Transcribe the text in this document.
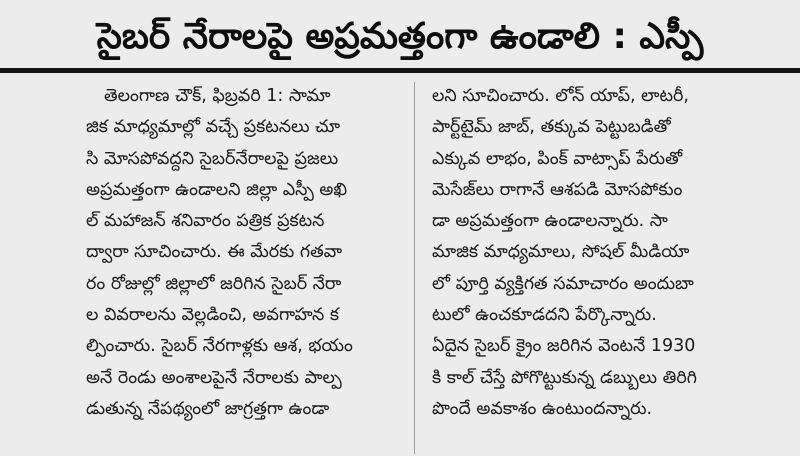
సైబర్ నేరాలపై అప్రమత్తంగా ఉండాలి : ఎస్పీ
తెలంగాణ చౌక్, ఫిబ్రవరి 1: సామా
జిక మాధ్యమాల్లో వచ్చే ప్రకటనలు చూ
సి మోసపోవద్దని సైబర్‌నేరాలపై ప్రజలు
అప్రమత్తంగా ఉండాలని జిల్లా ఎస్పీ అఖి
ల్ మహాజన్ శనివారం పత్రిక ప్రకటన
ద్వారా సూచించారు. ఈ మేరకు గతవా
రం రోజుల్లో జిల్లాలో జరిగిన సైబర్ నేరా
ల వివరాలను వెల్లడించి, అవగాహన క
ల్పించారు. సైబర్ నేరగాళ్లకు ఆశ, భయం
అనే రెండు అంశాలపైనే నేరాలకు పాల్ప
డుతున్న నేపథ్యంలో జాగ్రత్తగా ఉండా
లని సూచించారు. లోన్ యాప్, లాటరీ,
పార్ట్‌టైమ్ జాబ్, తక్కువ పెట్టుబడితో
ఎక్కువ లాభం, పింక్ వాట్సాప్ పేరుతో
మెసేజ్‌లు రాగానే ఆశపడి మోసపోకుం
డా అప్రమత్తంగా ఉండాలన్నారు. సా
మాజిక మాధ్యమాలు, సోషల్ మీడియా
లో పూర్తి వ్యక్తిగత సమాచారం అందుబా
టులో ఉంచకూడదని పేర్కొన్నారు.
ఏదైన సైబర్ క్రైం జరిగిన వెంటనే 1930
కి కాల్ చేస్తే పోగొట్టుకున్న డబ్బులు తిరిగి
పొందే అవకాశం ఉంటుందన్నారు.
